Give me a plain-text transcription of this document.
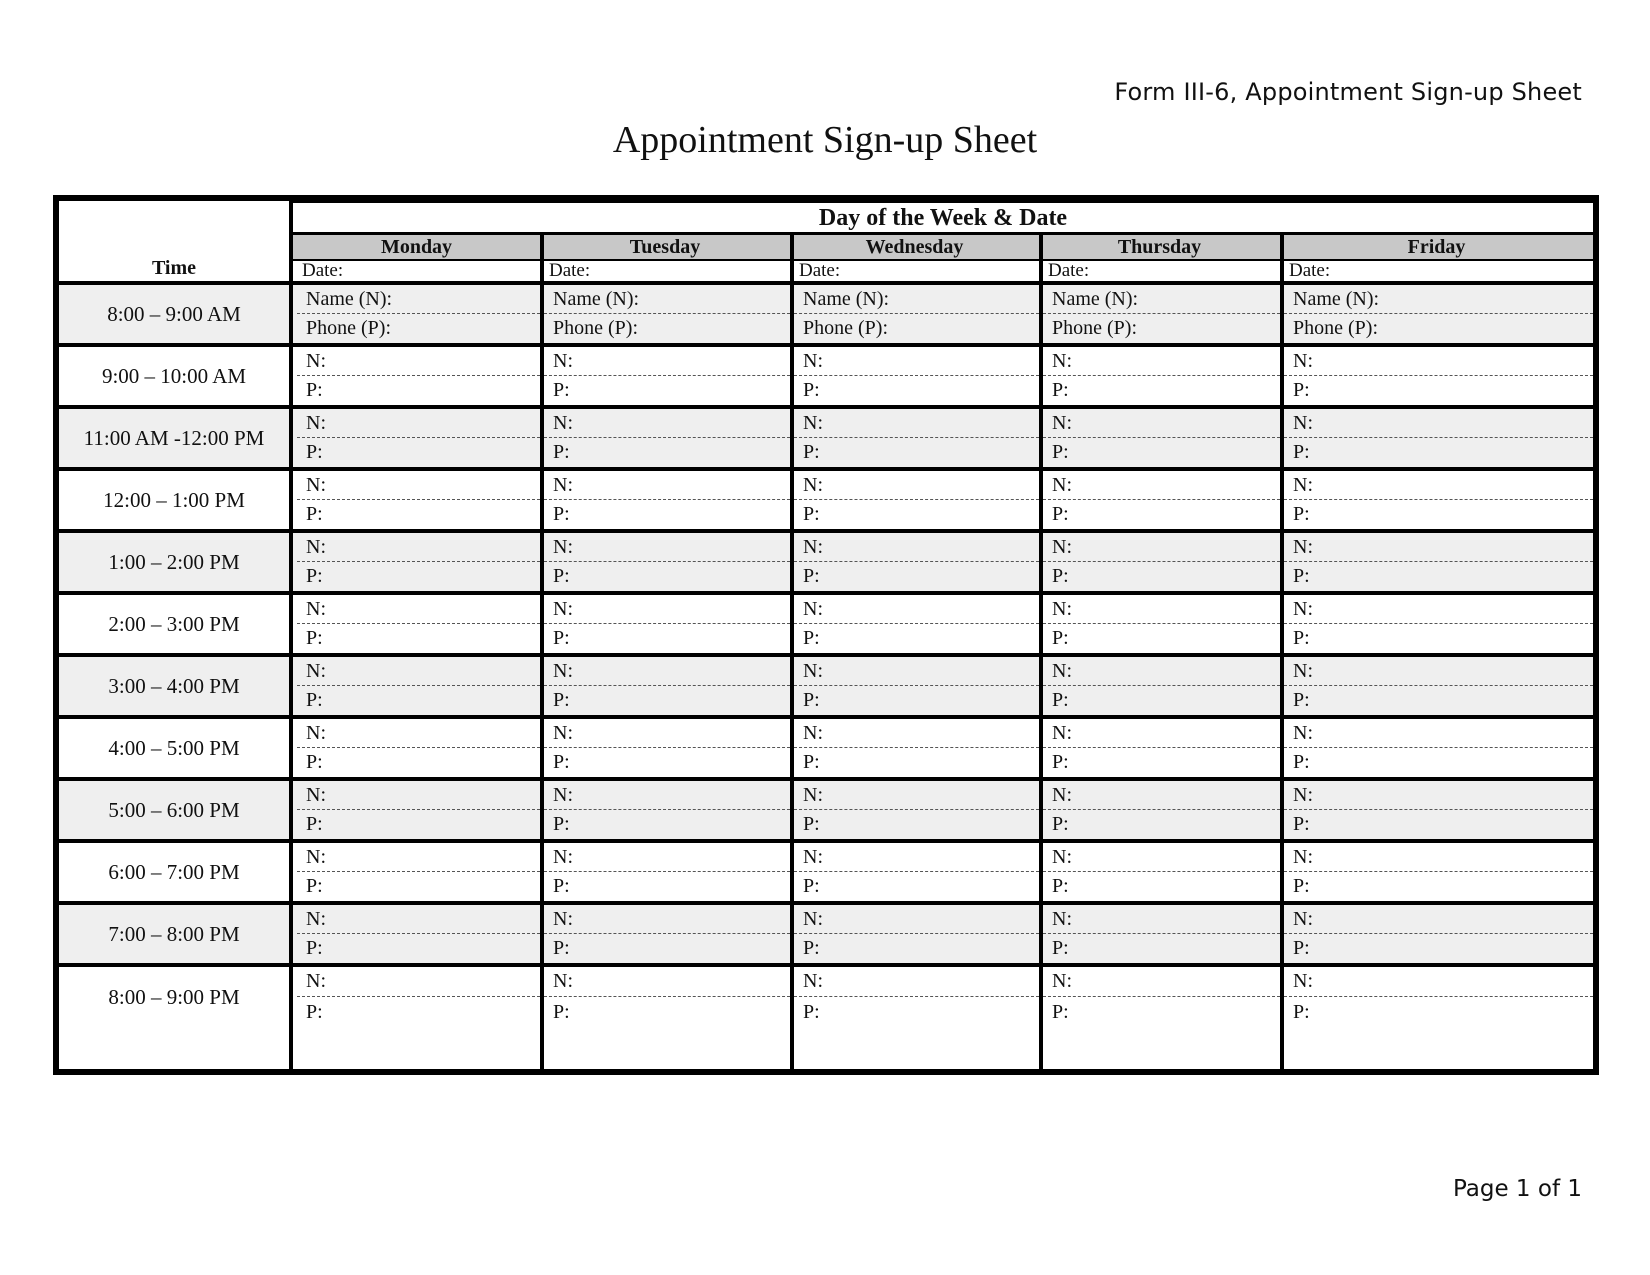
Form III-6, Appointment Sign-up Sheet
Appointment Sign-up Sheet
Time
Day of the Week & Date
Monday
Date:
Tuesday
Date:
Wednesday
Date:
Thursday
Date:
Friday
Date:
8:00 – 9:00 AM
Name (N):
Phone (P):
Name (N):
Phone (P):
Name (N):
Phone (P):
Name (N):
Phone (P):
Name (N):
Phone (P):
9:00 – 10:00 AM
N:
P:
N:
P:
N:
P:
N:
P:
N:
P:
11:00 AM -12:00 PM
N:
P:
N:
P:
N:
P:
N:
P:
N:
P:
12:00 – 1:00 PM
N:
P:
N:
P:
N:
P:
N:
P:
N:
P:
1:00 – 2:00 PM
N:
P:
N:
P:
N:
P:
N:
P:
N:
P:
2:00 – 3:00 PM
N:
P:
N:
P:
N:
P:
N:
P:
N:
P:
3:00 – 4:00 PM
N:
P:
N:
P:
N:
P:
N:
P:
N:
P:
4:00 – 5:00 PM
N:
P:
N:
P:
N:
P:
N:
P:
N:
P:
5:00 – 6:00 PM
N:
P:
N:
P:
N:
P:
N:
P:
N:
P:
6:00 – 7:00 PM
N:
P:
N:
P:
N:
P:
N:
P:
N:
P:
7:00 – 8:00 PM
N:
P:
N:
P:
N:
P:
N:
P:
N:
P:
8:00 – 9:00 PM
N:
P:
N:
P:
N:
P:
N:
P:
N:
P:
Page 1 of 1
